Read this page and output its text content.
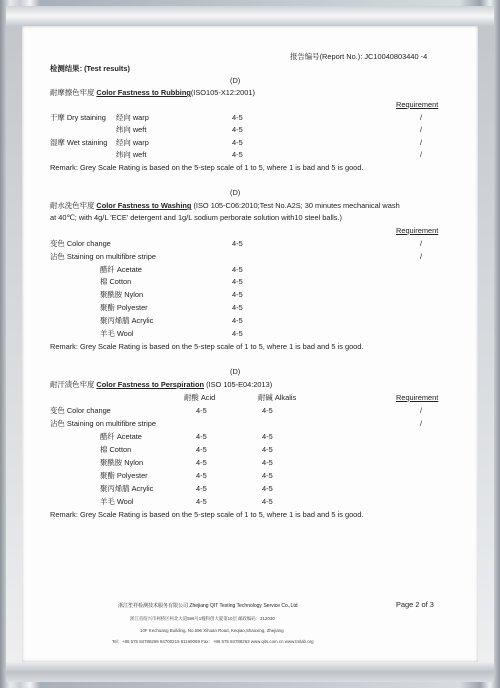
报告编号(Report No.): JC10040803440 -4
检测结果: (Test results)
(D)
耐摩擦色牢度 Color Fastness to Rubbing(ISO105-X12:2001)
Requirement
干摩 Dry staining 经向 warp	4-5	/
纬向 weft	4-5	/
湿摩 Wet staining 经向 warp	4-5	/
纬向 weft	4-5	/
Remark: Grey Scale Rating is based on the 5-step scale of 1 to 5, where 1 is bad and 5 is good.
(D)
耐水洗色牢度 Color Fastness to Washing (ISO 105-C06:2010;Test No.A2S; 30 minutes mechanical wash
at 40℃; with 4g/L 'ECE' detergent and 1g/L sodium perborate solution with10 steel balls.)
Requirement
变色 Color change	4-5	/
沾色 Staining on multifibre stripe	/
醋纤 Acetate	4-5
棉 Cotton	4-5
聚酰胺 Nylon	4-5
聚酯 Polyester	4-5
聚丙烯腈 Acrylic	4-5
羊毛 Wool	4-5
Remark: Grey Scale Rating is based on the 5-step scale of 1 to 5, where 1 is bad and 5 is good.
(D)
耐汗渍色牢度 Color Fastness to Perspiration (ISO 105-E04:2013)
耐酸 Acid	耐碱 Alkalis	Requirement
变色 Color change	4-5	4-5	/
沾色 Staining on multifibre stripe	/
醋纤 Acetate	4-5	4-5
棉 Cotton	4-5	4-5
聚酰胺 Nylon	4-5	4-5
聚酯 Polyester	4-5	4-5
聚丙烯腈 Acrylic	4-5	4-5
羊毛 Wool	4-5	4-5
Remark: Grey Scale Rating is based on the 5-step scale of 1 to 5, where 1 is bad and 5 is good.
浙江笙祥检测技术服务有限公司 Zhejiang QIT Testing Technology Service Co.,Ltd	Page 2 of 3
浙江省绍兴市柯桥区柯北大道596号1幢科创大厦第10层 邮政编码：312030
10F Kechuang Building, No.596 Xihuan Road, Keqiao,Shaoxing, Zhejiang
Tel：+86 575 84788269 84700215 81169069 Fax：+86 575 84788263 www.qits.com.cn www.tmlab.org
